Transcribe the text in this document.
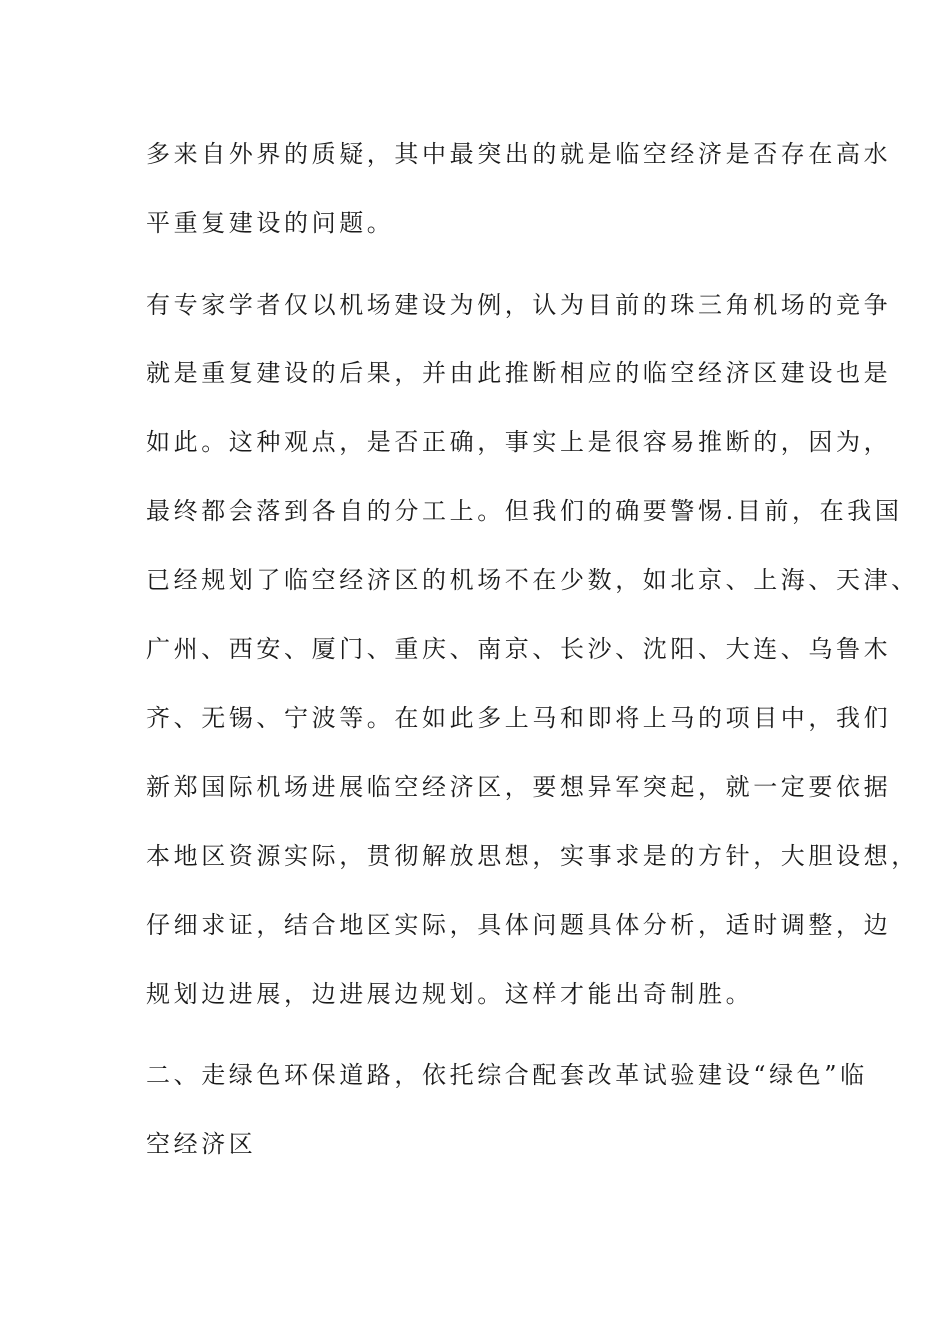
多来自外界的质疑，其中最突出的就是临空经济是否存在高水
平重复建设的问题。
有专家学者仅以机场建设为例，认为目前的珠三角机场的竞争
就是重复建设的后果，并由此推断相应的临空经济区建设也是
如此。这种观点，是否正确，事实上是很容易推断的，因为，
最终都会落到各自的分工上。但我们的确要警惕.目前，在我国
已经规划了临空经济区的机场不在少数，如北京、上海、天津、
广州、西安、厦门、重庆、南京、长沙、沈阳、大连、乌鲁木
齐、无锡、宁波等。在如此多上马和即将上马的项目中，我们
新郑国际机场进展临空经济区，要想异军突起，就一定要依据
本地区资源实际，贯彻解放思想，实事求是的方针，大胆设想，
仔细求证，结合地区实际，具体问题具体分析，适时调整，边
规划边进展，边进展边规划。这样才能出奇制胜。
二、走绿色环保道路，依托综合配套改革试验建设“绿色”临
空经济区
